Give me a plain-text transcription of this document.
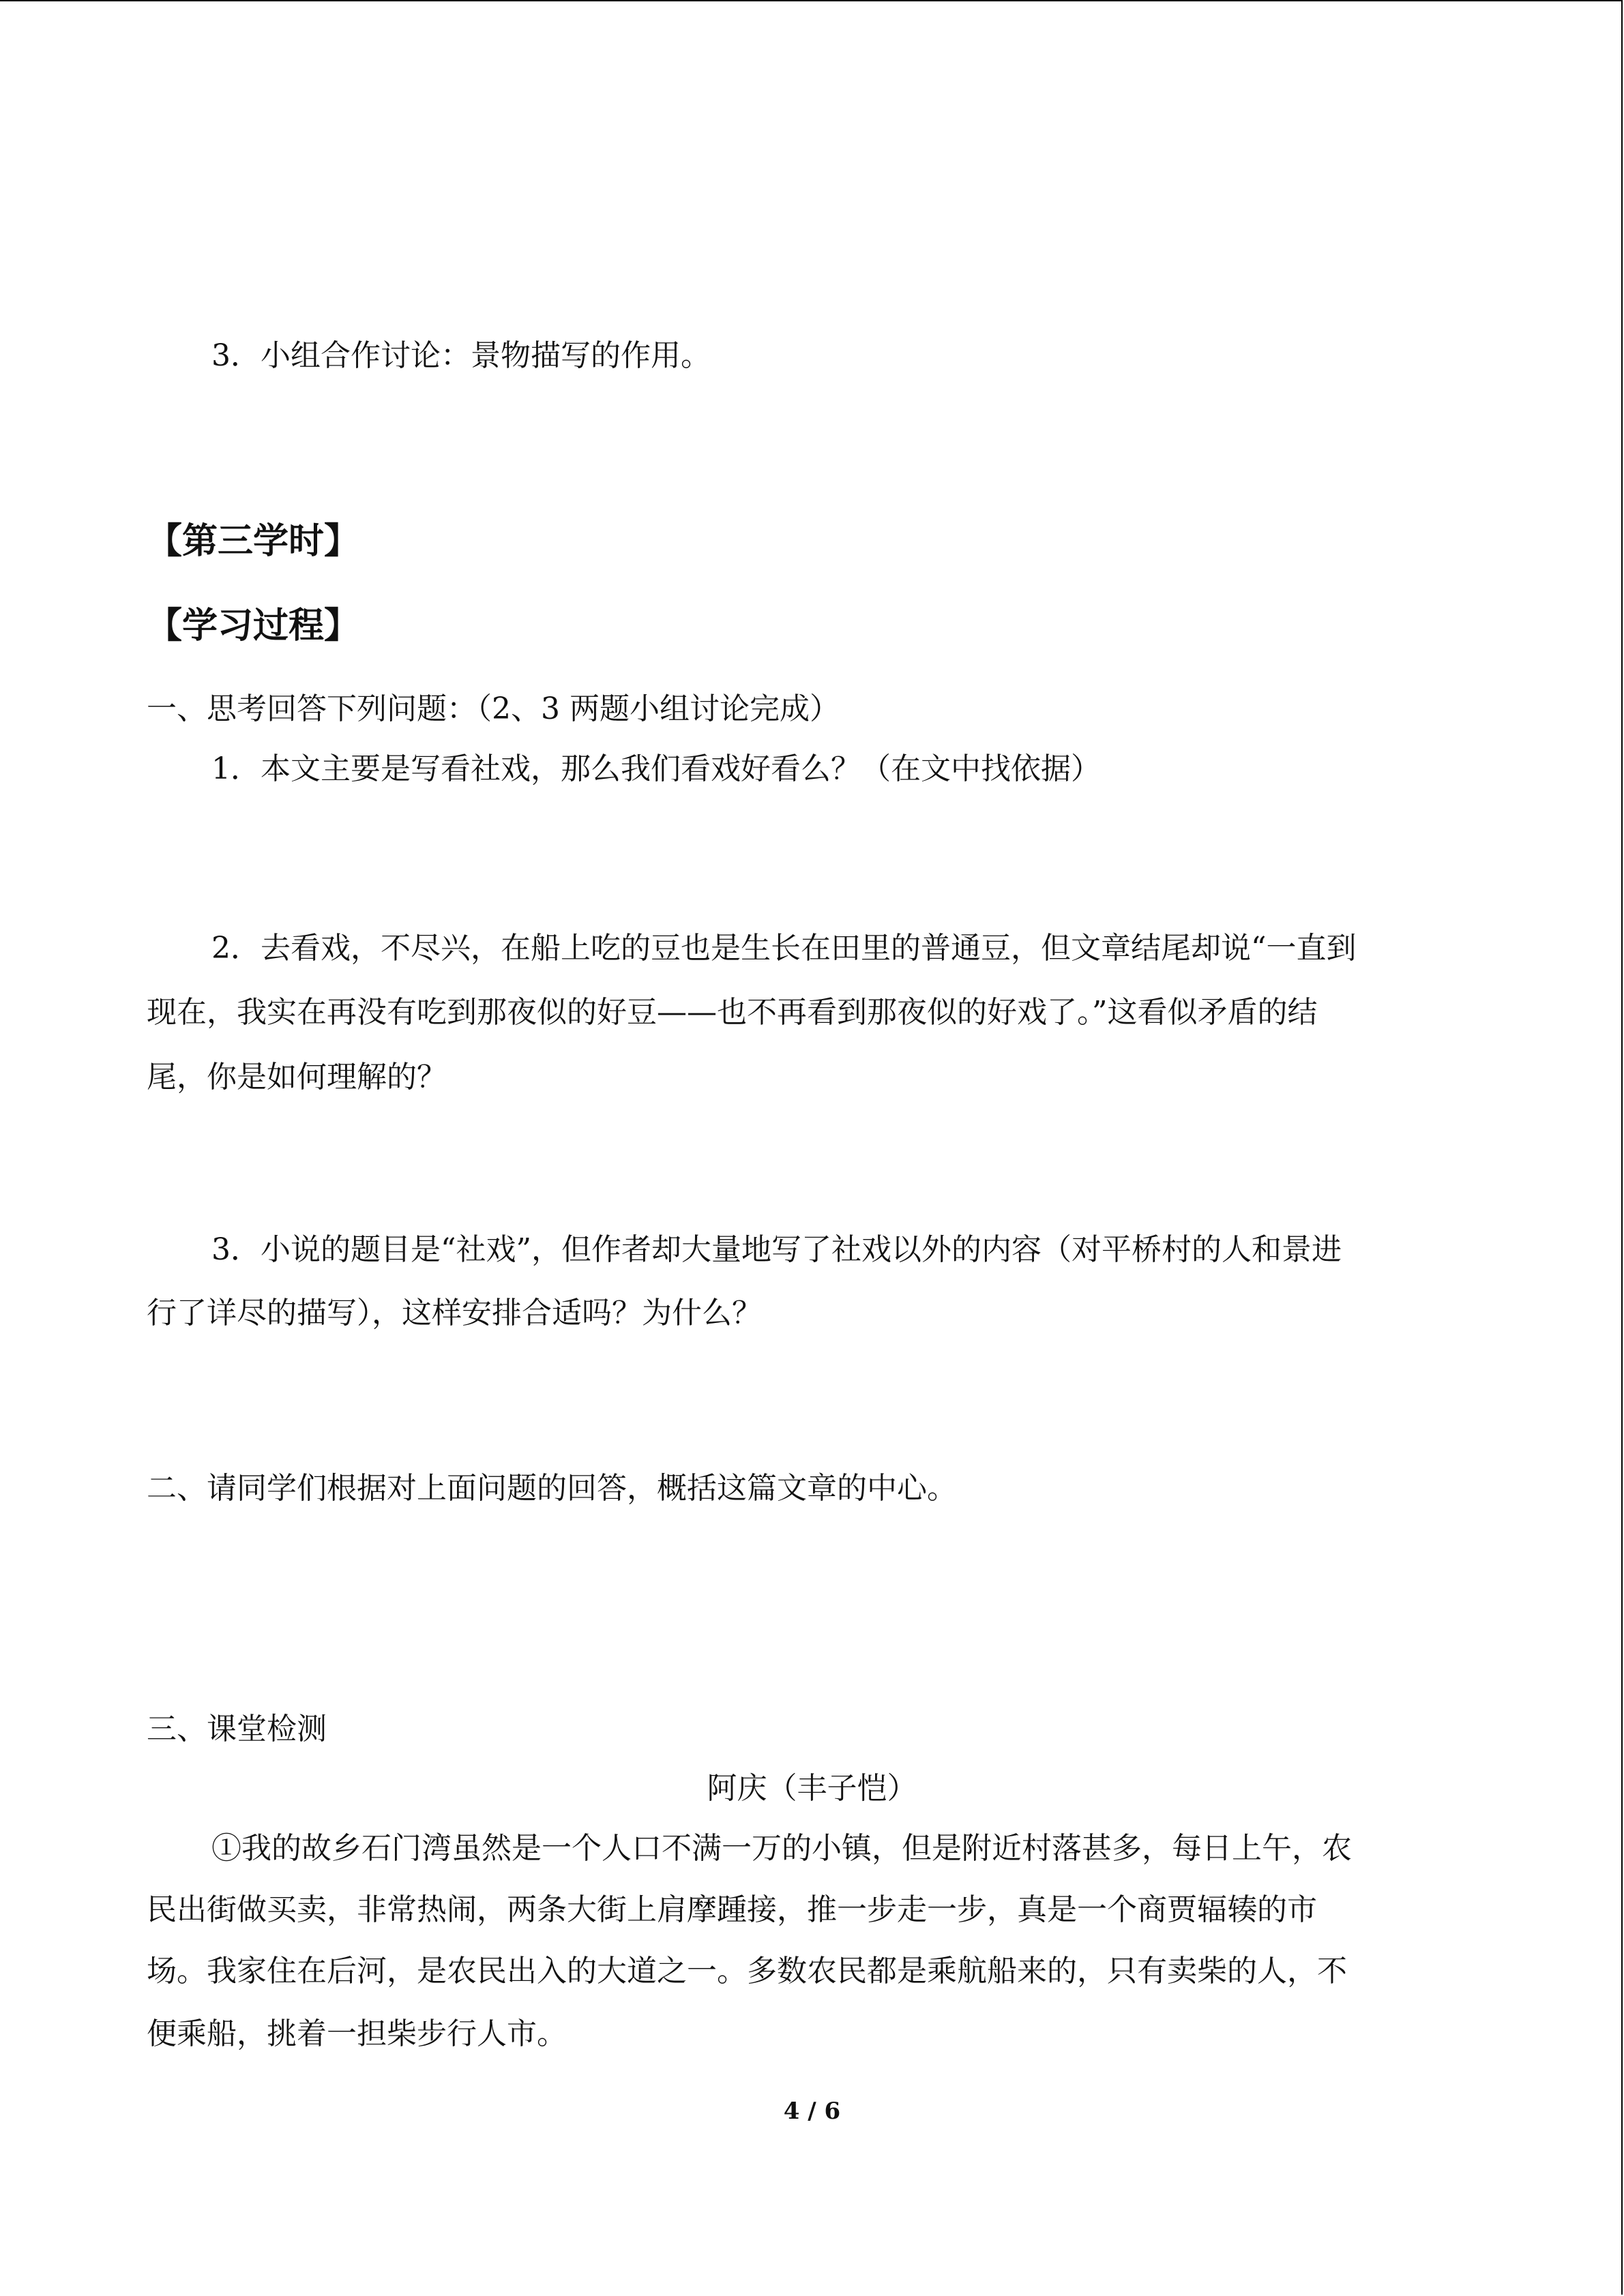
3．小组合作讨论：景物描写的作用。
【第三学时】
【学习过程】
一、思考回答下列问题：（2、3 两题小组讨论完成）
1．本文主要是写看社戏，那么我们看戏好看么？（在文中找依据）
2．去看戏，不尽兴，在船上吃的豆也是生长在田里的普通豆，但文章结尾却说“一直到
现在，我实在再没有吃到那夜似的好豆——也不再看到那夜似的好戏了。”这看似矛盾的结
尾，你是如何理解的？
3．小说的题目是“社戏”，但作者却大量地写了社戏以外的内容（对平桥村的人和景进
行了详尽的描写），这样安排合适吗？为什么？
二、请同学们根据对上面问题的回答，概括这篇文章的中心。
三、课堂检测
阿庆（丰子恺）
①我的故乡石门湾虽然是一个人口不满一万的小镇，但是附近村落甚多，每日上午，农
民出街做买卖，非常热闹，两条大街上肩摩踵接，推一步走一步，真是一个商贾辐辏的市
场。我家住在后河，是农民出入的大道之一。多数农民都是乘航船来的，只有卖柴的人，不
便乘船，挑着一担柴步行人市。
4 / 6
